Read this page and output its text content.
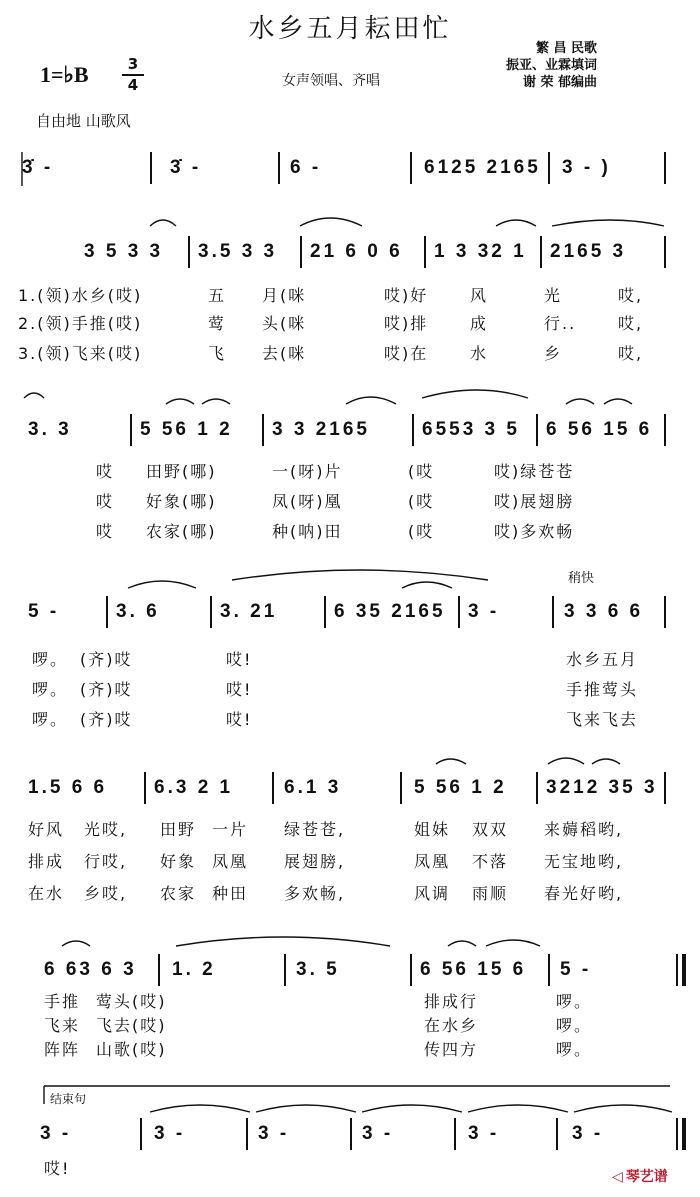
水乡五月耘田忙
1=♭B	3
4	女声领唱、齐唱
繁 昌 民歌
振亚、业霖填词
谢 荣 郁编曲
自由地 山歌风
稍快
结束句
3̇ -	3̇ -	6 -	6125 2165 3 - )
3 5 3 3 3.5 3 3 21 6 0 6 1 3 32 1 2165 3
3. 3	5 56 1 2 3 3 2165	6553 3 5 6 56 15 6
5 -	3. 6	3. 21	6 35 2165 3 -	3 3 6 6
1.5 6 6 6.3 2 1	6.1 3	5 56 1 2 3212 35 3
6 63 6 3 1. 2	3. 5	6 56 15 6 5 -
3 -	3 -	3 -	3 -	3 -	3 -
1.(领)水乡(哎)	五 月(咪	哎)好	风	光	哎,
2.(领)手推(哎)	莺 头(咪	哎)排	成	行..	哎,
3.(领)飞来(哎)	飞 去(咪	哎)在	水	乡	哎,
哎 田野(哪)	一(呀)片	(哎	哎)绿苍苍
哎 好象(哪)	凤(呀)凰	(哎	哎)展翅膀
哎 农家(哪)	种(呐)田	(哎	哎)多欢畅
啰。 (齐)哎	哎!	水乡五月
啰。 (齐)哎	哎!	手推莺头
啰。 (齐)哎	哎!	飞来飞去
好风 光哎, 田野 一片 绿苍苍,	姐妹 双双 来薅稻哟,
排成 行哎, 好象 凤凰 展翅膀,	凤凰 不落 无宝地哟,
在水 乡哎, 农家 种田 多欢畅,	风调 雨顺 春光好哟,
手推 莺头(哎)	排成行	啰。
飞来 飞去(哎)	在水乡	啰。
阵阵 山歌(哎)	传四方	啰。
哎!	◁ 琴艺谱
